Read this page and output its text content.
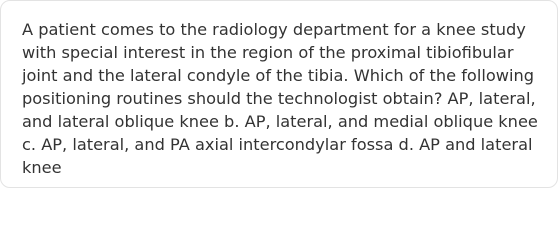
A patient comes to the radiology department for a knee study with special interest in the region of the proximal tibiofibular joint and the lateral condyle of the tibia. Which of the following positioning routines should the technologist obtain? AP, lateral, and lateral oblique knee b. AP, lateral, and medial oblique knee c. AP, lateral, and PA axial intercondylar fossa d. AP and lateral knee
